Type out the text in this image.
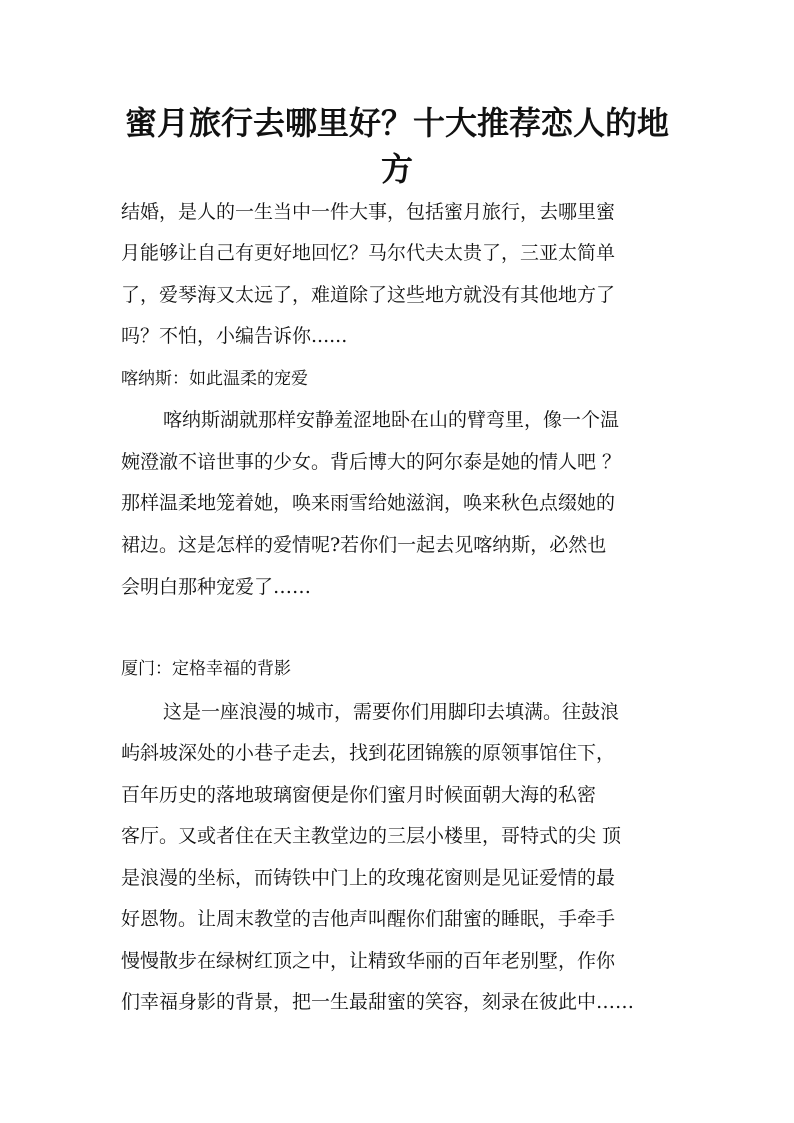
蜜月旅行去哪里好？十大推荐恋人的地
方
结婚，是人的一生当中一件大事，包括蜜月旅行，去哪里蜜
月能够让自己有更好地回忆？马尔代夫太贵了，三亚太简单
了，爱琴海又太远了，难道除了这些地方就没有其他地方了
吗？不怕，小编告诉你......
喀纳斯：如此温柔的宠爱
喀纳斯湖就那样安静羞涩地卧在山的臂弯里，像一个温
婉澄澈不谙世事的少女。背后博大的阿尔泰是她的情人吧 ？
那样温柔地笼着她，唤来雨雪给她滋润，唤来秋色点缀她的
裙边。这是怎样的爱情呢?若你们一起去见喀纳斯，必然也
会明白那种宠爱了……
厦门：定格幸福的背影
这是一座浪漫的城市，需要你们用脚印去填满。往鼓浪
屿斜坡深处的小巷子走去，找到花团锦簇的原领事馆住下，
百年历史的落地玻璃窗便是你们蜜月时候面朝大海的私密
客厅。又或者住在天主教堂边的三层小楼里，哥特式的尖 顶
是浪漫的坐标，而铸铁中门上的玫瑰花窗则是见证爱情的最
好恩物。让周末教堂的吉他声叫醒你们甜蜜的睡眠，手牵手
慢慢散步在绿树红顶之中，让精致华丽的百年老别墅，作你
们幸福身影的背景，把一生最甜蜜的笑容，刻录在彼此中……
